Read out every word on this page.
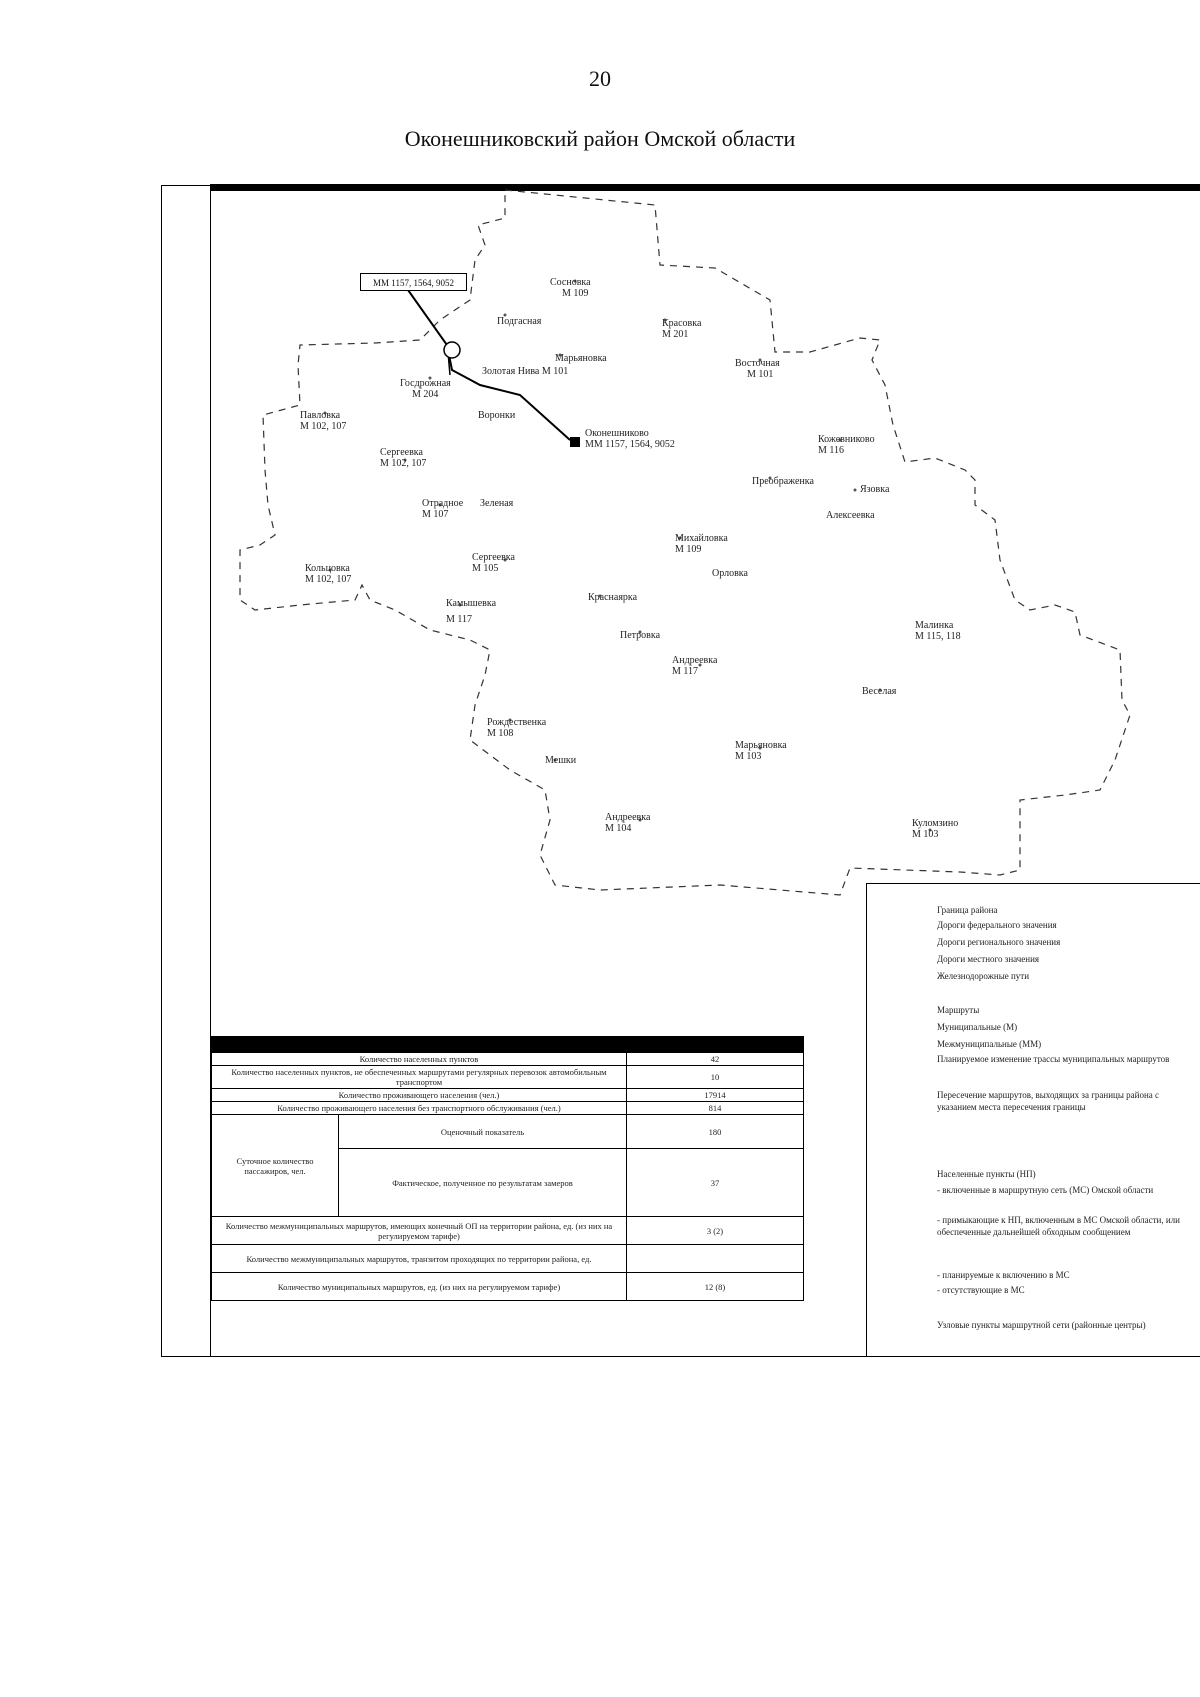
20
Оконешниковский район Омской области
ММ 1157, 1564, 9052	Сосновка
М 109
Красовка
М 201
Подгасная
Марьяновка
Золотая Нива М 101
Восточная
М 101
Госдрожная
М 204
Павловка
М 102, 107
Воронки
Оконешниково
ММ 1157, 1564, 9052	Кожевниково
М 116
Сергеевка
М 102, 107
Преображенка
Язовка
Алексеевка
Отрадное
М 107
Зеленая
Михайловка
М 109
Сергеевка
М 105	Орловка
Кольцовка
М 102, 107
Краснаярка
Камышевка
М 117
Малинка
М 115, 118
Петровка
Андреевка
М 117
Веселая
Рождественка
М 108
Мешки
Марьяновка
М 103
Андреевка
М 104	Куломзино
М 103

Количество населенных пунктов		42
Количество населенных пунктов, не обеспеченных маршрутами регулярных перевозок автомобильным транспортом		10
Количество проживающего населения (чел.)		17914
Количество проживающего населения без транспортного обслуживания (чел.)		814
Суточное количество пассажиров, чел.	Оценочный показатель	180
	Фактическое, полученное по результатам замеров	37
Количество межмуниципальных маршрутов, имеющих конечный ОП на территории района, ед. (из них на регулируемом тарифе)		3 (2)
Количество межмуниципальных маршрутов, транзитом проходящих по территории района, ед.		
Количество муниципальных маршрутов, ед. (из них на регулируемом тарифе)		12 (8)
Граница района
Дороги федерального значения
Дороги регионального значения
Дороги местного значения
Железнодорожные пути
Маршруты
Муниципальные (М)
Межмуниципальные (ММ)
Планируемое изменение трассы муниципальных маршрутов
Пересечение маршрутов, выходящих за границы района с указанием места пересечения границы
Населенные пункты (НП)
- включенные в маршрутную сеть (МС) Омской области
- примыкающие к НП, включенным в МС Омской области, или обеспеченные дальнейшей обходным сообщением
- планируемые к включению в МС
- отсутствующие в МС
Узловые пункты маршрутной сети (районные центры)
